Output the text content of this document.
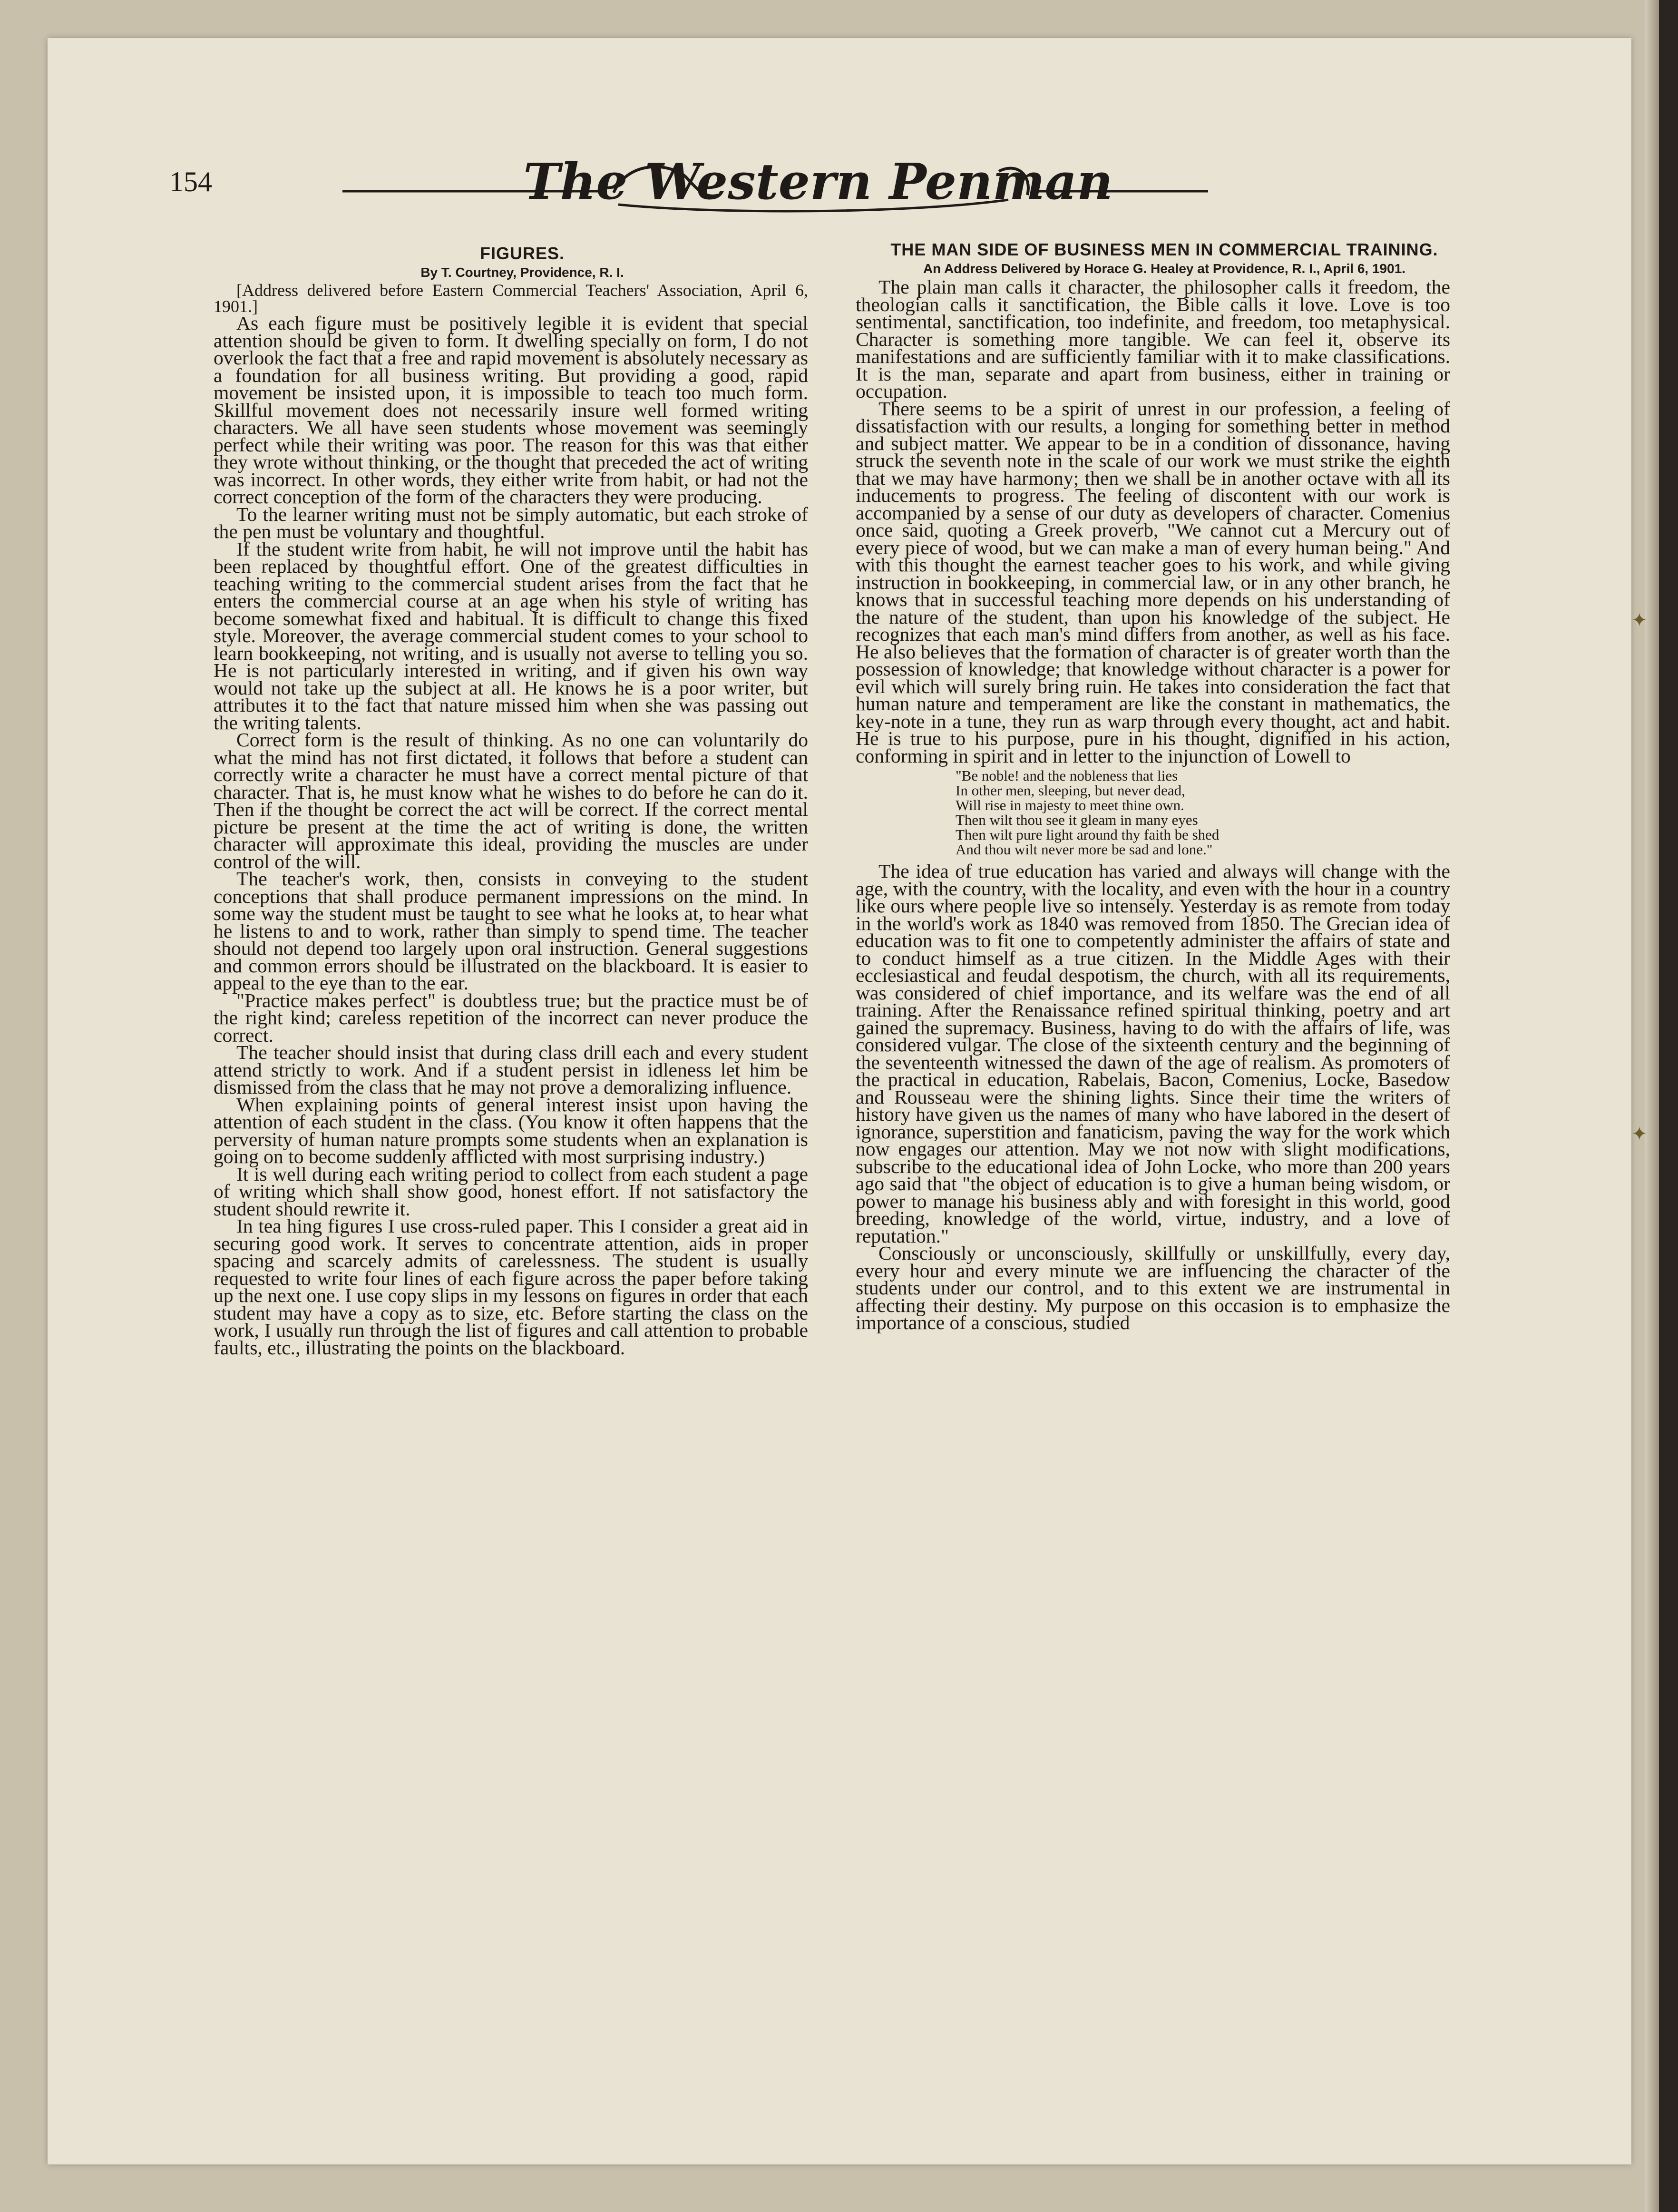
154	The Western Penman

FIGURES.

By T. Courtney, Providence, R. I.

[Address delivered before Eastern Commercial Teachers' Association, April 6, 1901.]

As each figure must be positively legible it is evident that special attention should be given to form. It dwelling specially on form, I do not overlook the fact that a free and rapid movement is absolutely necessary as a foundation for all business writing. But providing a good, rapid movement be insisted upon, it is impossible to teach too much form. Skillful movement does not necessarily insure well formed writing characters. We all have seen students whose movement was seemingly perfect while their writing was poor. The reason for this was that either they wrote without thinking, or the thought that preceded the act of writing was incorrect. In other words, they either write from habit, or had not the correct conception of the form of the characters they were producing.

To the learner writing must not be simply automatic, but each stroke of the pen must be voluntary and thoughtful.

If the student write from habit, he will not improve until the habit has been replaced by thoughtful effort. One of the greatest difficulties in teaching writing to the commercial student arises from the fact that he enters the commercial course at an age when his style of writing has become somewhat fixed and habitual. It is difficult to change this fixed style. Moreover, the average commercial student comes to your school to learn bookkeeping, not writing, and is usually not averse to telling you so. He is not particularly interested in writing, and if given his own way would not take up the subject at all. He knows he is a poor writer, but attributes it to the fact that nature missed him when she was passing out the writing talents.

Correct form is the result of thinking. As no one can voluntarily do what the mind has not first dictated, it follows that before a student can correctly write a character he must have a correct mental picture of that character. That is, he must know what he wishes to do before he can do it. Then if the thought be correct the act will be correct. If the correct mental picture be present at the time the act of writing is done, the written character will approximate this ideal, providing the muscles are under control of the will.

The teacher's work, then, consists in conveying to the student conceptions that shall produce permanent impressions on the mind. In some way the student must be taught to see what he looks at, to hear what he listens to and to work, rather than simply to spend time. The teacher should not depend too largely upon oral instruction. General suggestions and common errors should be illustrated on the blackboard. It is easier to appeal to the eye than to the ear.

"Practice makes perfect" is doubtless true; but the practice must be of the right kind; careless repetition of the incorrect can never produce the correct.

The teacher should insist that during class drill each and every student attend strictly to work. And if a student persist in idleness let him be dismissed from the class that he may not prove a demoralizing influence.

When explaining points of general interest insist upon having the attention of each student in the class. (You know it often happens that the perversity of human nature prompts some students when an explanation is going on to become suddenly afflicted with most surprising industry.)

It is well during each writing period to collect from each student a page of writing which shall show good, honest effort. If not satisfactory the student should rewrite it.

In tea hing figures I use cross-ruled paper. This I consider a great aid in securing good work. It serves to concentrate attention, aids in proper spacing and scarcely admits of carelessness. The student is usually requested to write four lines of each figure across the paper before taking up the next one. I use copy slips in my lessons on figures in order that each student may have a copy as to size, etc. Before starting the class on the work, I usually run through the list of figures and call attention to probable faults, etc., illustrating the points on the blackboard.

THE MAN SIDE OF BUSINESS MEN IN COMMERCIAL TRAINING.

An Address Delivered by Horace G. Healey at Providence, R. I., April 6, 1901.

The plain man calls it character, the philosopher calls it freedom, the theologian calls it sanctification, the Bible calls it love. Love is too sentimental, sanctification, too indefinite, and freedom, too metaphysical. Character is something more tangible. We can feel it, observe its manifestations and are sufficiently familiar with it to make classifications. It is the man, separate and apart from business, either in training or occupation.

There seems to be a spirit of unrest in our profession, a feeling of dissatisfaction with our results, a longing for something better in method and subject matter. We appear to be in a condition of dissonance, having struck the seventh note in the scale of our work we must strike the eighth that we may have harmony; then we shall be in another octave with all its inducements to progress. The feeling of discontent with our work is accompanied by a sense of our duty as developers of character. Comenius once said, quoting a Greek proverb, "We cannot cut a Mercury out of every piece of wood, but we can make a man of every human being." And with this thought the earnest teacher goes to his work, and while giving instruction in bookkeeping, in commercial law, or in any other branch, he knows that in successful teaching more depends on his understanding of the nature of the student, than upon his knowledge of the subject. He recognizes that each man's mind differs from another, as well as his face. He also believes that the formation of character is of greater worth than the possession of knowledge; that knowledge without character is a power for evil which will surely bring ruin. He takes into consideration the fact that human nature and temperament are like the constant in mathematics, the key-note in a tune, they run as warp through every thought, act and habit. He is true to his purpose, pure in his thought, dignified in his action, conforming in spirit and in letter to the injunction of Lowell to

"Be noble! and the nobleness that lies
In other men, sleeping, but never dead,
Will rise in majesty to meet thine own.
Then wilt thou see it gleam in many eyes
Then wilt pure light around thy faith be shed
And thou wilt never more be sad and lone."

The idea of true education has varied and always will change with the age, with the country, with the locality, and even with the hour in a country like ours where people live so intensely. Yesterday is as remote from today in the world's work as 1840 was removed from 1850. The Grecian idea of education was to fit one to competently administer the affairs of state and to conduct himself as a true citizen. In the Middle Ages with their ecclesiastical and feudal despotism, the church, with all its requirements, was considered of chief importance, and its welfare was the end of all training. After the Renaissance refined spiritual thinking, poetry and art gained the supremacy. Business, having to do with the affairs of life, was considered vulgar. The close of the sixteenth century and the beginning of the seventeenth witnessed the dawn of the age of realism. As promoters of the practical in education, Rabelais, Bacon, Comenius, Locke, Basedow and Rousseau were the shining lights. Since their time the writers of history have given us the names of many who have labored in the desert of ignorance, superstition and fanaticism, paving the way for the work which now engages our attention. May we not now with slight modifications, subscribe to the educational idea of John Locke, who more than 200 years ago said that "the object of education is to give a human being wisdom, or power to manage his business ably and with foresight in this world, good breeding, knowledge of the world, virtue, industry, and a love of reputation."

Consciously or unconsciously, skillfully or unskillfully, every day, every hour and every minute we are influencing the character of the students under our control, and to this extent we are instrumental in affecting their destiny. My purpose on this occasion is to emphasize the importance of a conscious, studied

✦
✦
